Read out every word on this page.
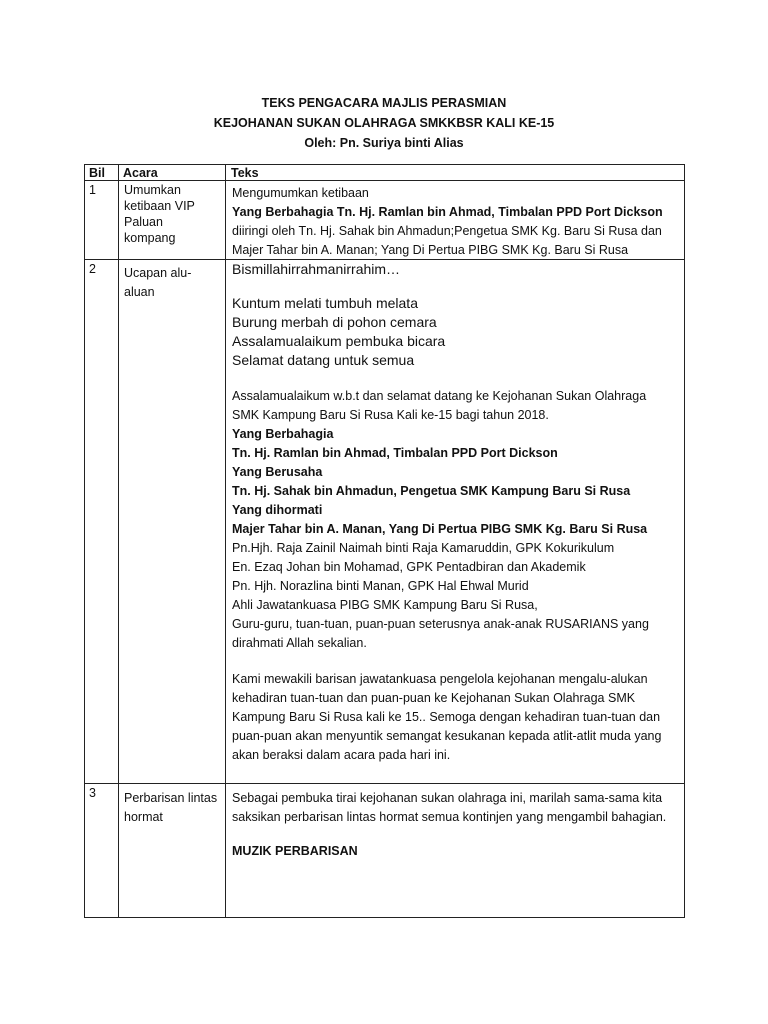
TEKS PENGACARA MAJLIS PERASMIAN

KEJOHANAN SUKAN OLAHRAGA SMKKBSR KALI KE-15

Oleh: Pn. Suriya binti Alias

Bil Acara	Teks
1 Umumkan

ketibaan VIP

Paluan

kompang

Mengumumkan ketibaan

Yang Berbahagia Tn. Hj. Ramlan bin Ahmad, Timbalan PPD Port Dickson

diiringi oleh Tn. Hj. Sahak bin Ahmadun;Pengetua SMK Kg. Baru Si Rusa dan

Majer Tahar bin A. Manan; Yang Di Pertua PIBG SMK Kg. Baru Si Rusa

2 Ucapan alu-

aluan

Bismillahirrahmanirrahim…

Kuntum melati tumbuh melata

Burung merbah di pohon cemara

Assalamualaikum pembuka bicara

Selamat datang untuk semua

Assalamualaikum w.b.t dan selamat datang ke Kejohanan Sukan Olahraga

SMK Kampung Baru Si Rusa Kali ke-15 bagi tahun 2018.

Yang Berbahagia

Tn. Hj. Ramlan bin Ahmad, Timbalan PPD Port Dickson

Yang Berusaha

Tn. Hj. Sahak bin Ahmadun, Pengetua SMK Kampung Baru Si Rusa

Yang dihormati

Majer Tahar bin A. Manan, Yang Di Pertua PIBG SMK Kg. Baru Si Rusa

Pn.Hjh. Raja Zainil Naimah binti Raja Kamaruddin, GPK Kokurikulum

En. Ezaq Johan bin Mohamad, GPK Pentadbiran dan Akademik

Pn. Hjh. Norazlina binti Manan, GPK Hal Ehwal Murid

Ahli Jawatankuasa PIBG SMK Kampung Baru Si Rusa,

Guru-guru, tuan-tuan, puan-puan seterusnya anak-anak RUSARIANS yang

dirahmati Allah sekalian.

Kami mewakili barisan jawatankuasa pengelola kejohanan mengalu-alukan

kehadiran tuan-tuan dan puan-puan ke Kejohanan Sukan Olahraga SMK

Kampung Baru Si Rusa kali ke 15.. Semoga dengan kehadiran tuan-tuan dan

puan-puan akan menyuntik semangat kesukanan kepada atlit-atlit muda yang

akan beraksi dalam acara pada hari ini.

3 Perbarisan lintas

hormat

Sebagai pembuka tirai kejohanan sukan olahraga ini, marilah sama-sama kita

saksikan perbarisan lintas hormat semua kontinjen yang mengambil bahagian.

MUZIK PERBARISAN
